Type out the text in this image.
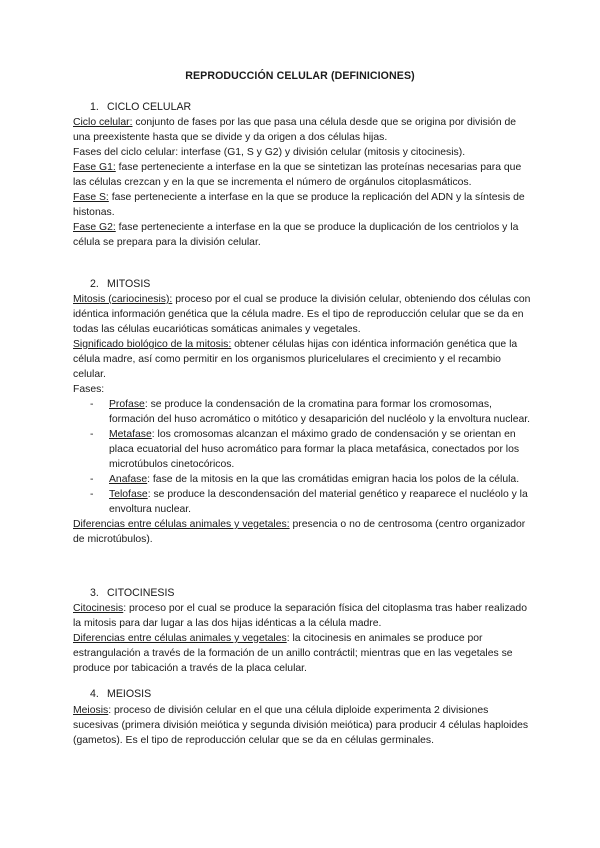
REPRODUCCIÓN CELULAR (DEFINICIONES)
1. CICLO CELULAR

Ciclo celular: conjunto de fases por las que pasa una célula desde que se origina por división de una preexistente hasta que se divide y da origen a dos células hijas.

Fases del ciclo celular: interfase (G1, S y G2) y división celular (mitosis y citocinesis).

Fase G1: fase perteneciente a interfase en la que se sintetizan las proteínas necesarias para que las células crezcan y en la que se incrementa el número de orgánulos citoplasmáticos.

Fase S: fase perteneciente a interfase en la que se produce la replicación del ADN y la síntesis de histonas.

Fase G2: fase perteneciente a interfase en la que se produce la duplicación de los centriolos y la célula se prepara para la división celular.

2. MITOSIS

Mitosis (cariocinesis): proceso por el cual se produce la división celular, obteniendo dos células con idéntica información genética que la célula madre. Es el tipo de reproducción celular que se da en todas las células eucarióticas somáticas animales y vegetales.

Significado biológico de la mitosis: obtener células hijas con idéntica información genética que la célula madre, así como permitir en los organismos pluricelulares el crecimiento y el recambio celular.

Fases:

- Profase: se produce la condensación de la cromatina para formar los cromosomas, formación del huso acromático o mitótico y desaparición del nucléolo y la envoltura nuclear.
- Metafase: los cromosomas alcanzan el máximo grado de condensación y se orientan en placa ecuatorial del huso acromático para formar la placa metafásica, conectados por los microtúbulos cinetocóricos.
- Anafase: fase de la mitosis en la que las cromátidas emigran hacia los polos de la célula.
- Telofase: se produce la descondensación del material genético y reaparece el nucléolo y la envoltura nuclear.

Diferencias entre células animales y vegetales: presencia o no de centrosoma (centro organizador de microtúbulos).

3. CITOCINESIS

Citocinesis: proceso por el cual se produce la separación física del citoplasma tras haber realizado la mitosis para dar lugar a las dos hijas idénticas a la célula madre.

Diferencias entre células animales y vegetales: la citocinesis en animales se produce por estrangulación a través de la formación de un anillo contráctil; mientras que en las vegetales se produce por tabicación a través de la placa celular.

4. MEIOSIS

Meiosis: proceso de división celular en el que una célula diploide experimenta 2 divisiones sucesivas (primera división meiótica y segunda división meiótica) para producir 4 células haploides (gametos). Es el tipo de reproducción celular que se da en células germinales.
